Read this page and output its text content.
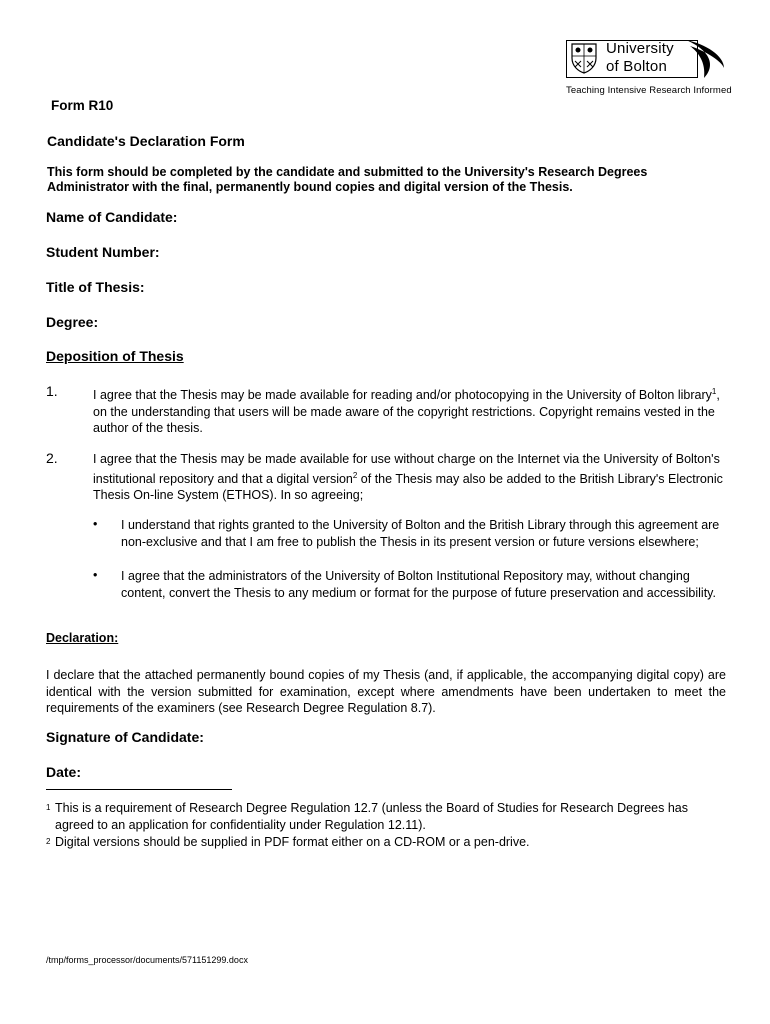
University
of Bolton
Teaching Intensive Research Informed
Form R10
Candidate's Declaration Form
This form should be completed by the candidate and submitted to the University's Research Degrees Administrator with the final, permanently bound copies and digital version of the Thesis.
Name of Candidate:
Student Number:
Title of Thesis:
Degree:
Deposition of Thesis
1.	I agree that the Thesis may be made available for reading and/or photocopying in the University of Bolton library$^1$, on the understanding that users will be made aware of the copyright restrictions. Copyright remains vested in the author of the thesis.
2.	I agree that the Thesis may be made available for use without charge on the Internet via the University of Bolton's institutional repository and that a digital version$^2$ of the Thesis may also be added to the British Library's Electronic Thesis On-line System (ETHOS). In so agreeing;
• I understand that rights granted to the University of Bolton and the British Library through this agreement are non-exclusive and that I am free to publish the Thesis in its present version or future versions elsewhere;
• I agree that the administrators of the University of Bolton Institutional Repository may, without changing content, convert the Thesis to any medium or format for the purpose of future preservation and accessibility.
Declaration:
I declare that the attached permanently bound copies of my Thesis (and, if applicable, the accompanying digital copy) are identical with the version submitted for examination, except where amendments have been undertaken to meet the requirements of the examiners (see Research Degree Regulation 8.7).
Signature of Candidate:
Date:
1 This is a requirement of Research Degree Regulation 12.7 (unless the Board of Studies for Research Degrees has agreed to an application for confidentiality under Regulation 12.11).
2 Digital versions should be supplied in PDF format either on a CD-ROM or a pen-drive.
/tmp/forms_processor/documents/571151299.docx
